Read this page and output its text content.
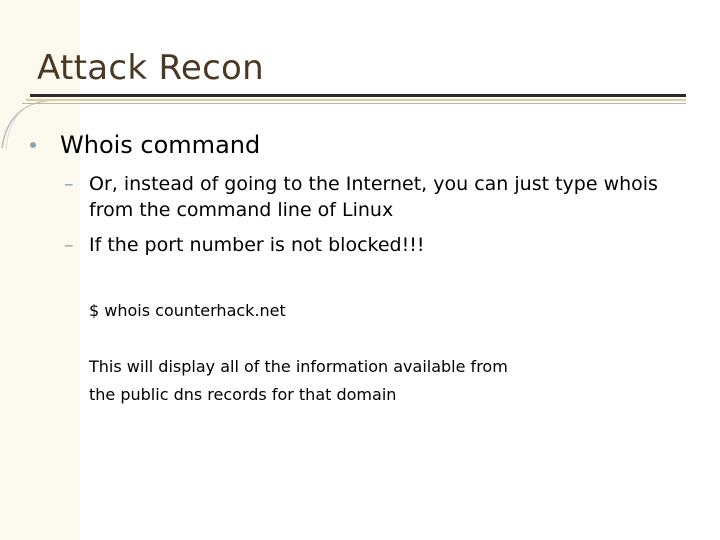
Attack Recon
Whois command
– Or, instead of going to the Internet, you can just type whois
from the command line of Linux
– If the port number is not blocked!!!
$ whois counterhack.net
This will display all of the information available from
the public dns records for that domain
